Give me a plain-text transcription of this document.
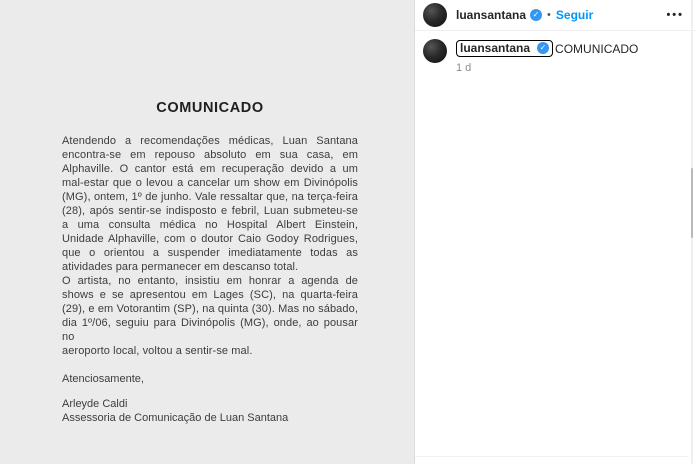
COMUNICADO
Atendendo a recomendações médicas, Luan Santana
encontra-se em repouso absoluto em sua casa, em
Alphaville. O cantor está em recuperação devido a um
mal-estar que o levou a cancelar um show em Divinópolis
(MG), ontem, 1º de junho. Vale ressaltar que, na terça-feira
(28), após sentir-se indisposto e febril, Luan submeteu-se
a uma consulta médica no Hospital Albert Einstein,
Unidade Alphaville, com o doutor Caio Godoy Rodrigues,
que o orientou a suspender imediatamente todas as
atividades para permanecer em descanso total.
O artista, no entanto, insistiu em honrar a agenda de
shows e se apresentou em Lages (SC), na quarta-feira
(29), e em Votorantim (SP), na quinta (30). Mas no sábado,
dia 1º/06, seguiu para Divinópolis (MG), onde, ao pousar no
aeroporto local, voltou a sentir-se mal.
Atenciosamente,
Arleyde Caldi
Assessoria de Comunicação de Luan Santana
luansantana ✓ • Seguir	•••
luansantana	✓ COMUNICADO
1 d
